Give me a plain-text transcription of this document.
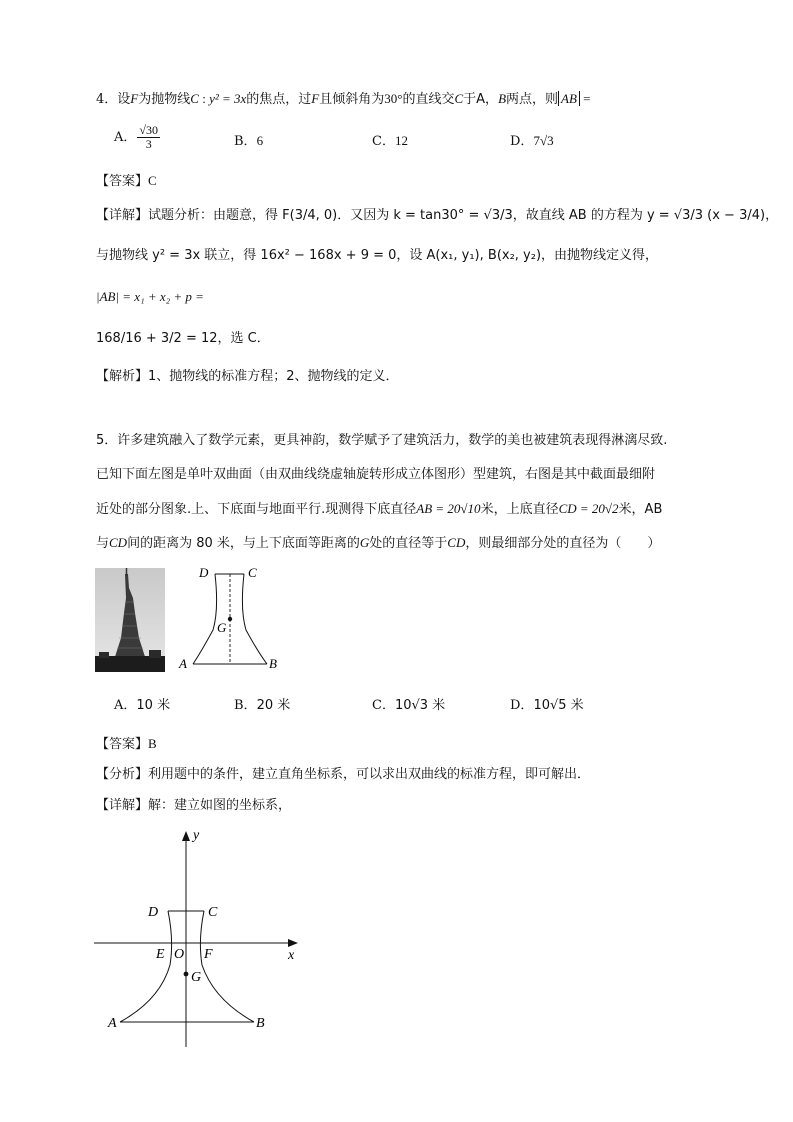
4．设F为抛物线C : y² = 3x的焦点，过F且倾斜角为30°的直线交C于A，B两点，则 AB =
A． $\frac{√30}{3}$	B．6	C．12	D．7√3
【答案】C
【详解】试题分析：由题意，得 F(3/4, 0)．又因为 k = tan30° = √3/3，故直线 AB 的方程为 y = √3/3 (x − 3/4)，
与抛物线 y² = 3x 联立，得 16x² − 168x + 9 = 0，设 A(x₁, y₁), B(x₂, y₂)，由抛物线定义得，
|AB| = x₁ + x₂ + p =
168/16 + 3/2 = 12，选 C．
【解析】1、抛物线的标准方程；2、抛物线的定义．
5．许多建筑融入了数学元素，更具神韵，数学赋予了建筑活力，数学的美也被建筑表现得淋漓尽致.
已知下面左图是单叶双曲面（由双曲线绕虚轴旋转形成立体图形）型建筑，右图是其中截面最细附
近处的部分图象.上、下底面与地面平行.现测得下底直径AB = 20√10米，上底直径CD = 20√2米，AB
与CD间的距离为 80 米，与上下底面等距离的G处的直径等于CD，则最细部分处的直径为（　　）
D	C
G
A	B
A．10 米	B．20 米	C．10√3 米	D．10√5 米
【答案】B
【分析】利用题中的条件，建立直角坐标系，可以求出双曲线的标准方程，即可解出．
【详解】解：建立如图的坐标系，
y
x
D	C
E O F
G
A	B
